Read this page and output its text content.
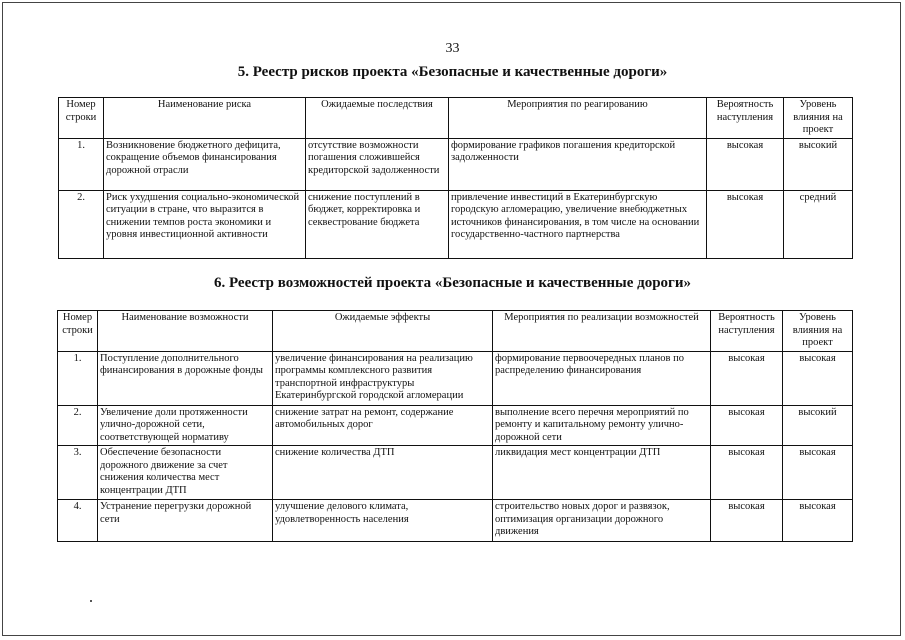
33
5. Реестр рисков проекта «Безопасные и качественные дороги»
Номер строки	Наименование риска	Ожидаемые последствия	Мероприятия по реагированию	Вероятность наступления	Уровень влияния на проект
1.	Возникновение бюджетного дефицита, сокращение объемов финансирования дорожной отрасли	отсутствие возможности погашения сложившейся кредиторской задолженности	формирование графиков погашения кредиторской задолженности	высокая	высокий
2.	Риск ухудшения социально-экономической ситуации в стране, что выразится в снижении темпов роста экономики и уровня инвестиционной активности	снижение поступлений в бюджет, корректировка и секвестрование бюджета	привлечение инвестиций в Екатеринбургскую городскую агломерацию, увеличение внебюджетных источников финансирования, в том числе на основании государственно-частного партнерства	высокая	средний
6. Реестр возможностей проекта «Безопасные и качественные дороги»
Номер строки	Наименование возможности	Ожидаемые эффекты	Мероприятия по реализации возможностей	Вероятность наступления	Уровень влияния на проект
1.	Поступление дополнительного финансирования в дорожные фонды	увеличение финансирования на реализацию программы комплексного развития транспортной инфраструктуры Екатеринбургской городской агломерации	формирование первоочередных планов по распределению финансирования	высокая	высокая
2.	Увеличение доли протяженности улично-дорожной сети, соответствующей нормативу	снижение затрат на ремонт, содержание автомобильных дорог	выполнение всего перечня мероприятий по ремонту и капитальному ремонту улично-дорожной сети	высокая	высокий
3.	Обеспечение безопасности дорожного движение за счет снижения количества мест концентрации ДТП	снижение количества ДТП	ликвидация мест концентрации ДТП	высокая	высокая
4.	Устранение перегрузки дорожной сети	улучшение делового климата, удовлетворенность населения	строительство новых дорог и развязок, оптимизация организации дорожного движения	высокая	высокая
